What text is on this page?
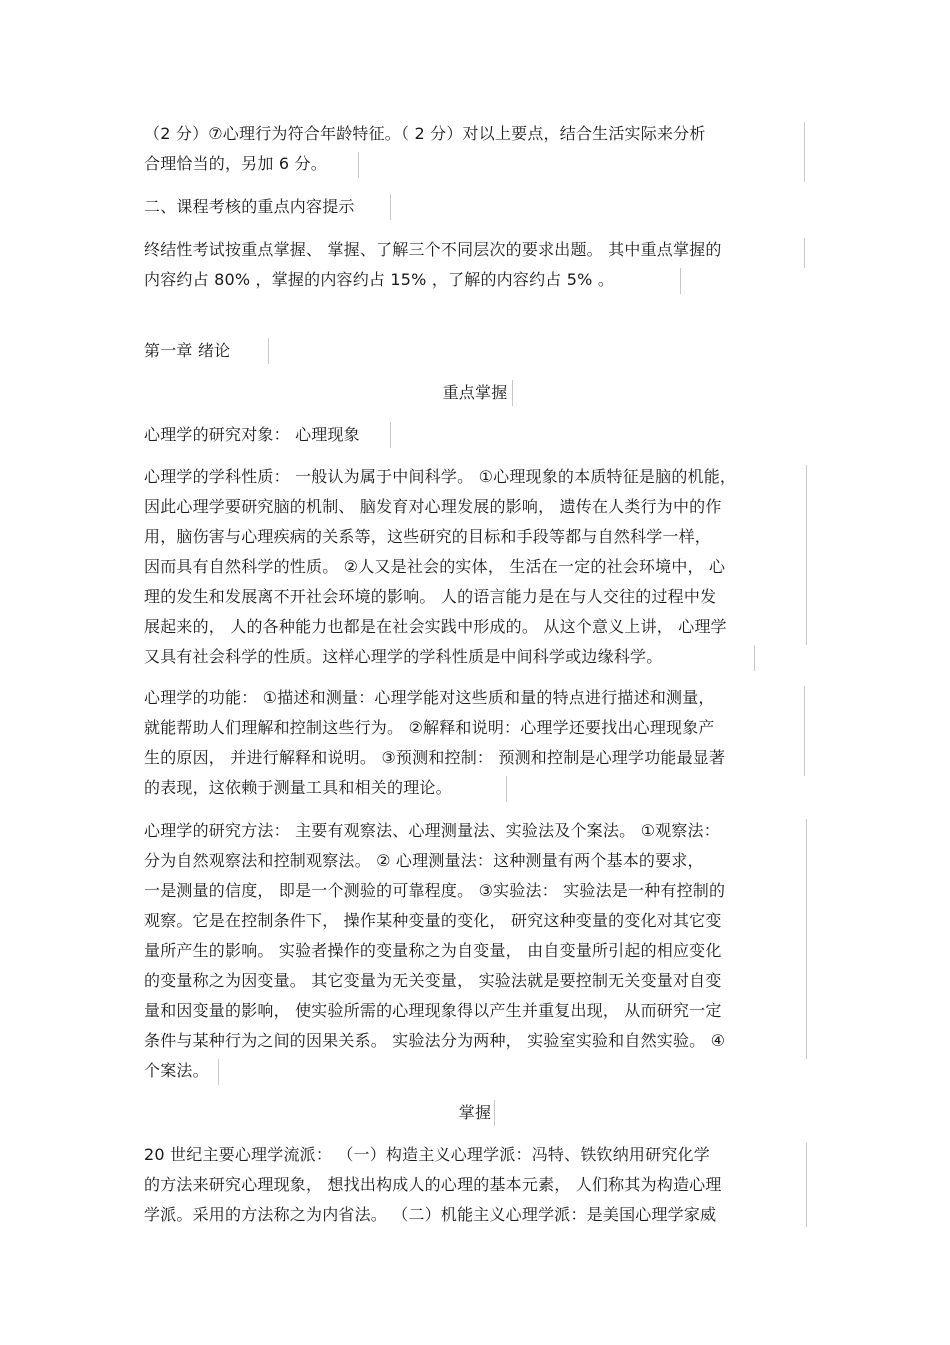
（2 分）⑦心理行为符合年龄特征。（ 2 分）对以上要点，结合生活实际来分析
合理恰当的，另加 6 分。
二、课程考核的重点内容提示
终结性考试按重点掌握、 掌握、了解三个不同层次的要求出题。 其中重点掌握的
内容约占 80% ，掌握的内容约占 15% ，了解的内容约占 5% 。
第一章 绪论
重点掌握
心理学的研究对象： 心理现象
心理学的学科性质： 一般认为属于中间科学。 ①心理现象的本质特征是脑的机能，
因此心理学要研究脑的机制、 脑发育对心理发展的影响， 遗传在人类行为中的作
用，脑伤害与心理疾病的关系等，这些研究的目标和手段等都与自然科学一样，
因而具有自然科学的性质。 ②人又是社会的实体， 生活在一定的社会环境中， 心
理的发生和发展离不开社会环境的影响。 人的语言能力是在与人交往的过程中发
展起来的， 人的各种能力也都是在社会实践中形成的。 从这个意义上讲， 心理学
又具有社会科学的性质。这样心理学的学科性质是中间科学或边缘科学。
心理学的功能： ①描述和测量：心理学能对这些质和量的特点进行描述和测量，
就能帮助人们理解和控制这些行为。 ②解释和说明：心理学还要找出心理现象产
生的原因， 并进行解释和说明。 ③预测和控制： 预测和控制是心理学功能最显著
的表现，这依赖于测量工具和相关的理论。
心理学的研究方法： 主要有观察法、心理测量法、实验法及个案法。 ①观察法：
分为自然观察法和控制观察法。 ② 心理测量法：这种测量有两个基本的要求，
一是测量的信度， 即是一个测验的可靠程度。 ③实验法： 实验法是一种有控制的
观察。它是在控制条件下， 操作某种变量的变化， 研究这种变量的变化对其它变
量所产生的影响。 实验者操作的变量称之为自变量， 由自变量所引起的相应变化
的变量称之为因变量。 其它变量为无关变量， 实验法就是要控制无关变量对自变
量和因变量的影响， 使实验所需的心理现象得以产生并重复出现， 从而研究一定
条件与某种行为之间的因果关系。 实验法分为两种， 实验室实验和自然实验。 ④
个案法。
掌握
20 世纪主要心理学流派： （一）构造主义心理学派：冯特、铁钦纳用研究化学
的方法来研究心理现象， 想找出构成人的心理的基本元素， 人们称其为构造心理
学派。采用的方法称之为内省法。 （二）机能主义心理学派：是美国心理学家威
